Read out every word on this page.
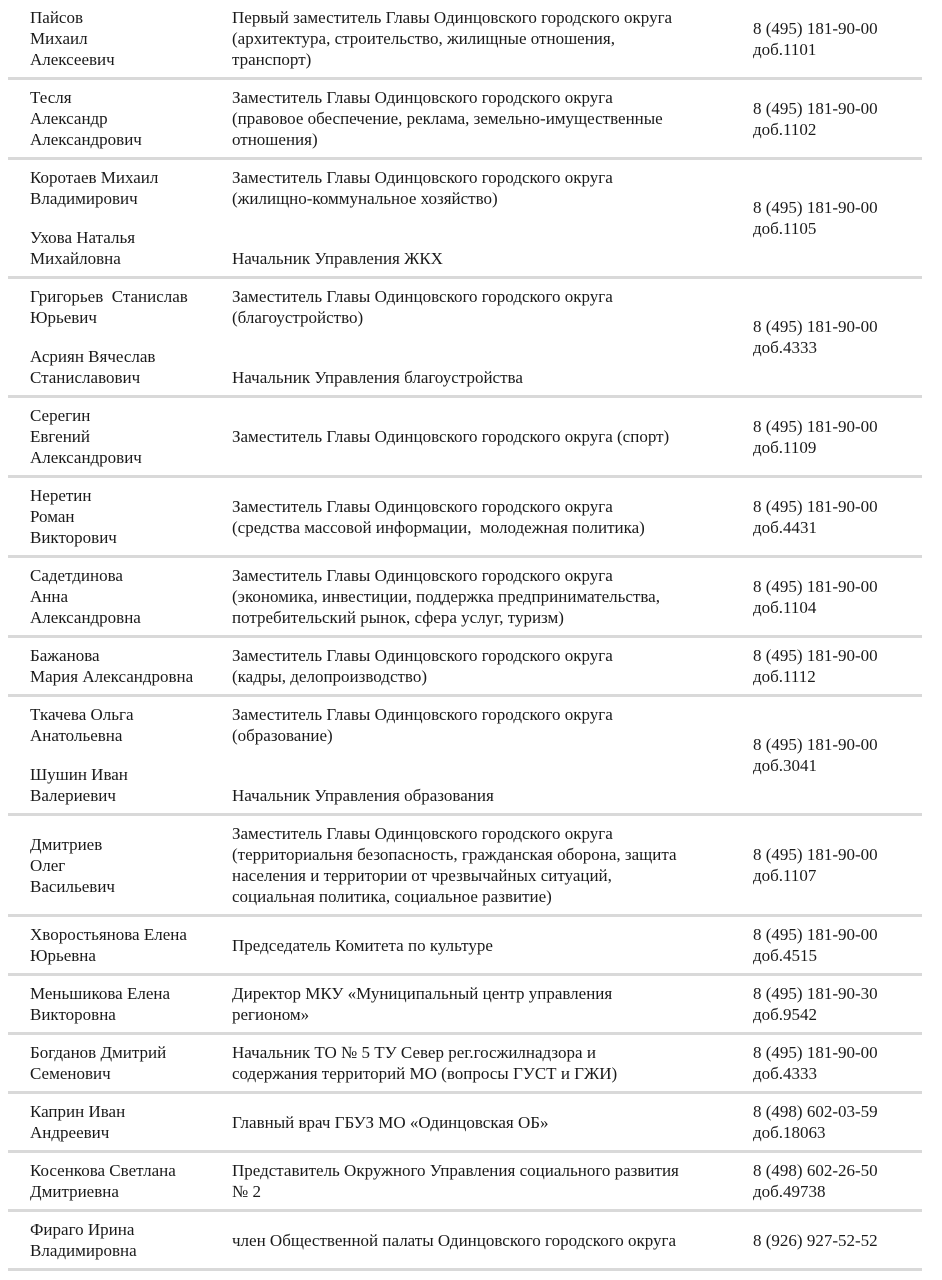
Пайсов
Михаил
Алексеевич
Первый заместитель Главы Одинцовского городского округа
(архитектура, строительство, жилищные отношения,
транспорт)
8 (495) 181-90-00
доб.1101
Тесля
Александр
Александрович
Заместитель Главы Одинцовского городского округа
(правовое обеспечение, реклама, земельно-имущественные
отношения)
8 (495) 181-90-00
доб.1102
Коротаев Михаил
Владимирович
Ухова Наталья
Михайловна
Заместитель Главы Одинцовского городского округа
(жилищно-коммунальное хозяйство)
Начальник Управления ЖКХ
8 (495) 181-90-00
доб.1105
Григорьев  Станислав
Юрьевич
Асриян Вячеслав
Станиславович
Заместитель Главы Одинцовского городского округа
(благоустройство)
Начальник Управления благоустройства
8 (495) 181-90-00
доб.4333
Серегин
Евгений
Александрович
Заместитель Главы Одинцовского городского округа (спорт)
8 (495) 181-90-00
доб.1109
Неретин
Роман
Викторович
Заместитель Главы Одинцовского городского округа
(средства массовой информации,  молодежная политика)
8 (495) 181-90-00
доб.4431
Садетдинова
Анна
Александровна
Заместитель Главы Одинцовского городского округа
(экономика, инвестиции, поддержка предпринимательства,
потребительский рынок, сфера услуг, туризм)
8 (495) 181-90-00
доб.1104
Бажанова
Мария Александровна
Заместитель Главы Одинцовского городского округа
(кадры, делопроизводство)
8 (495) 181-90-00
доб.1112
Ткачева Ольга
Анатольевна
Шушин Иван
Валериевич
Заместитель Главы Одинцовского городского округа
(образование)
Начальник Управления образования
8 (495) 181-90-00
доб.3041
Дмитриев
Олег
Васильевич
Заместитель Главы Одинцовского городского округа
(территориальня безопасность, гражданская оборона, защита
населения и территории от чрезвычайных ситуаций,
социальная политика, социальное развитие)
8 (495) 181-90-00
доб.1107
Хворостьянова Елена
Юрьевна
Председатель Комитета по культуре
8 (495) 181-90-00
доб.4515
Меньшикова Елена
Викторовна
Директор МКУ «Муниципальный центр управления
регионом»
8 (495) 181-90-30
доб.9542
Богданов Дмитрий
Семенович
Начальник ТО № 5 ТУ Север рег.госжилнадзора и
содержания территорий МО (вопросы ГУСТ и ГЖИ)
8 (495) 181-90-00
доб.4333
Каприн Иван
Андреевич
Главный врач ГБУЗ МО «Одинцовская ОБ»
8 (498) 602-03-59
доб.18063
Косенкова Светлана
Дмитриевна
Представитель Окружного Управления социального развития
№ 2
8 (498) 602-26-50
доб.49738
Фираго Ирина
Владимировна
член Общественной палаты Одинцовского городского округа	8 (926) 927-52-52
